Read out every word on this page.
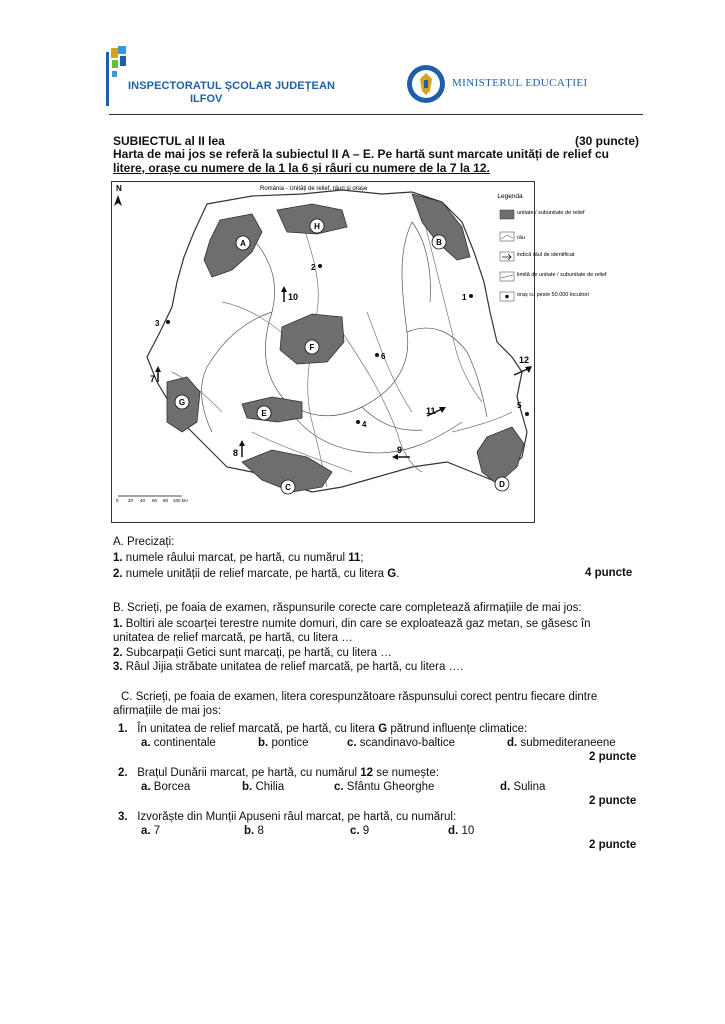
INSPECTORATUL ȘCOLAR JUDEȚEAN
ILFOV
MINISTERUL EDUCAȚIEI
SUBIECTUL al II lea	(30 puncte)
Harta de mai jos se referă la subiectul II A – E. Pe hartă sunt marcate unități de relief cu
litere, orașe cu numere de la 1 la 6 și râuri cu numere de la 7 la 12.
N	România - Unități de relief, râuri și orașe
A	B
C	D
E
F
G
H
1
2
3
4
5
6
7
8	9
10
11
12
0 20 40 60 80 100 km
Legenda
unitate / subunitate de relief
râu
indică râul de identificat
limită de unitate / subunitate de relief
oraș cu peste 50.000 locuitori
A. Precizați:
1. numele râului marcat, pe hartă, cu numărul 11;
2. numele unității de relief marcate, pe hartă, cu litera G.	4 puncte
B. Scrieți, pe foaia de examen, răspunsurile corecte care completează afirmațiile de mai jos:
1. Boltiri ale scoarței terestre numite domuri, din care se exploatează gaz metan, se găsesc în
unitatea de relief marcată, pe hartă, cu litera …
2. Subcarpații Getici sunt marcați, pe hartă, cu litera …
3. Râul Jijia străbate unitatea de relief marcată, pe hartă, cu litera ….
C. Scrieți, pe foaia de examen, litera corespunzătoare răspunsului corect pentru fiecare dintre
afirmațiile de mai jos:
1. În unitatea de relief marcată, pe hartă, cu litera G pătrund influențe climatice:
a. continentale	b. pontice	c. scandinavo-baltice	d. submediteraneene
2 puncte
2. Brațul Dunării marcat, pe hartă, cu numărul 12 se numește:
a. Borcea	b. Chilia	c. Sfântu Gheorghe	d. Sulina
2 puncte
3. Izvorăște din Munții Apuseni râul marcat, pe hartă, cu numărul:
a. 7	b. 8	c. 9	d. 10
2 puncte
